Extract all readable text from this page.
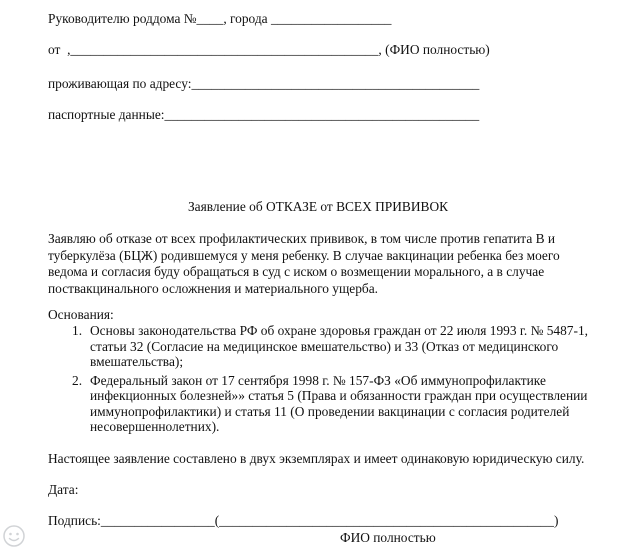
Руководителю роддома №____, города __________________
от  ,______________________________________________, (ФИО полностью)
проживающая по адресу:___________________________________________
паспортные данные:_______________________________________________
Заявление об ОТКАЗЕ от ВСЕХ ПРИВИВОК

Заявляю об отказе от всех профилактических прививок, в том числе против гепатита В и туберкулёза (БЦЖ) родившемуся у меня ребенку. В случае вакцинации ребенка без моего ведома и согласия буду обращаться в суд с иском о возмещении морального, а в случае поствакцинального осложнения и материального ущерба.

Основания:
1. Основы законодательства РФ об охране здоровья граждан от 22 июля 1993 г. № 5487-1, статьи 32 (Согласие на медицинское вмешательство) и 33 (Отказ от медицинского вмешательства);
2. Федеральный закон от 17 сентября 1998 г. № 157-ФЗ «Об иммунопрофилактике инфекционных болезней»» статья 5 (Права и обязанности граждан при осуществлении иммунопрофилактики) и статья 11 (О проведении вакцинации с согласия родителей несовершеннолетних).
Настоящее заявление составлено в двух экземплярах и имеет одинаковую юридическую силу.
Дата:
Подпись:_________________(__________________________________________________)
ФИО полностью
